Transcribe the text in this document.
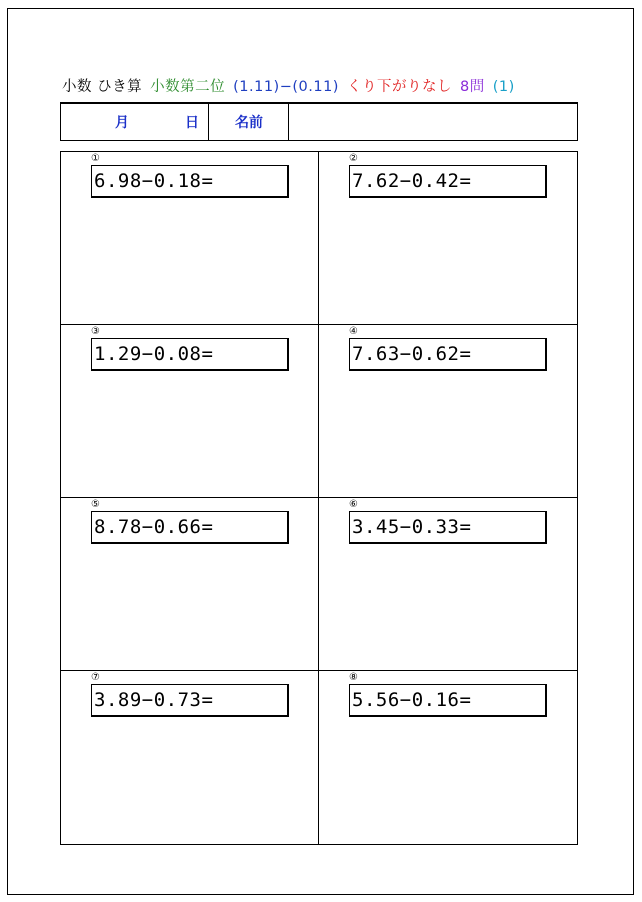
小数 ひき算 小数第二位 (1.11)−(0.11) くり下がりなし 8問 (1)
月	日	名前
①
6.98−0.18=
②
7.62−0.42=
③
1.29−0.08=
④
7.63−0.62=
⑤
8.78−0.66=
⑥
3.45−0.33=
⑦
3.89−0.73=
⑧
5.56−0.16=
